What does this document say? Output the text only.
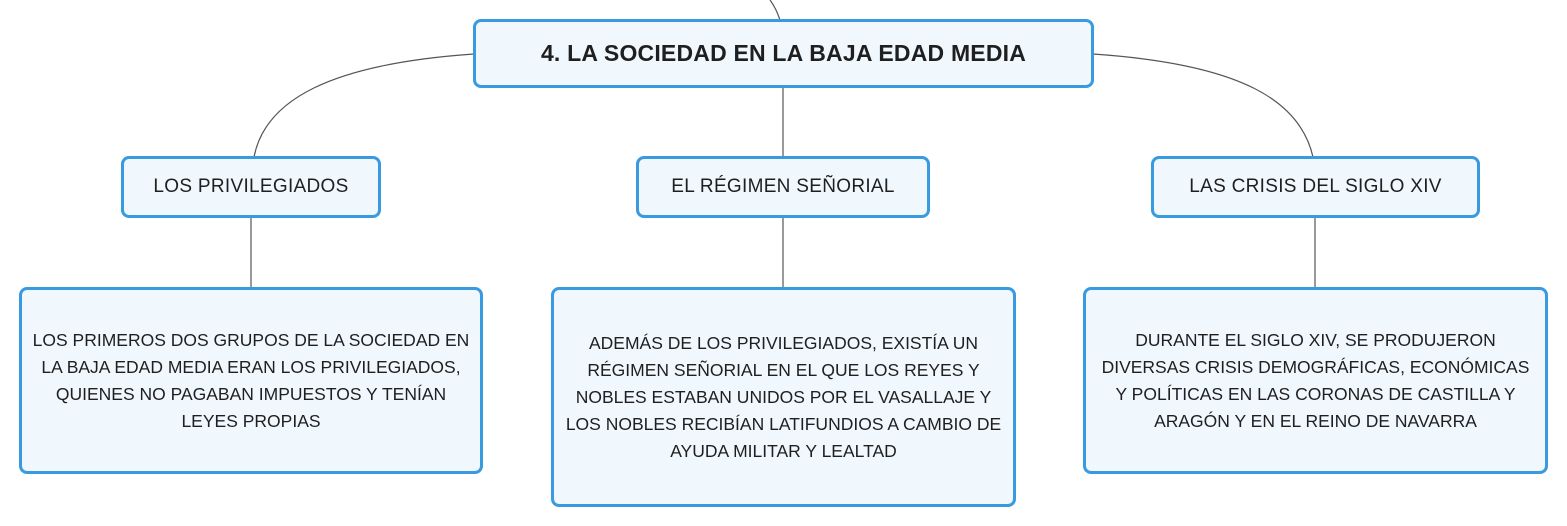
4. LA SOCIEDAD EN LA BAJA EDAD MEDIA
LOS PRIVILEGIADOS	EL RÉGIMEN SEÑORIAL	LAS CRISIS DEL SIGLO XIV
LOS PRIMEROS DOS GRUPOS DE LA SOCIEDAD EN LA BAJA EDAD MEDIA ERAN LOS PRIVILEGIADOS, QUIENES NO PAGABAN IMPUESTOS Y TENÍAN LEYES PROPIAS
ADEMÁS DE LOS PRIVILEGIADOS, EXISTÍA UN RÉGIMEN SEÑORIAL EN EL QUE LOS REYES Y NOBLES ESTABAN UNIDOS POR EL VASALLAJE Y LOS NOBLES RECIBÍAN LATIFUNDIOS A CAMBIO DE AYUDA MILITAR Y LEALTAD
DURANTE EL SIGLO XIV, SE PRODUJERON DIVERSAS CRISIS DEMOGRÁFICAS, ECONÓMICAS Y POLÍTICAS EN LAS CORONAS DE CASTILLA Y ARAGÓN Y EN EL REINO DE NAVARRA
